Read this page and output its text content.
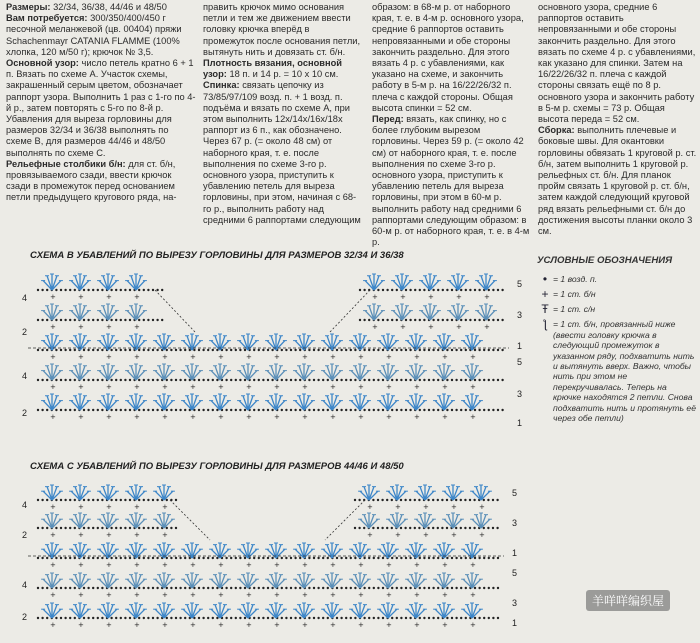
Размеры: 32/34, 36/38, 44/46 и 48/50

Вам потребуется: 300/350/400/450 г песочной меланжевой (цв. 00404) пряжи Schachenmayr CATANIA FLAMME (100% хлопка, 120 м/50 г); крючок № 3,5.

Основной узор: число петель кратно 6 + 1 п. Вязать по схеме А. Участок схемы, закрашенный серым цветом, обозначает раппорт узора. Выполнить 1 раз с 1-го по 4-й р., затем повторять с 5-го по 8-й р. Убавления для выреза горловины для размеров 32/34 и 36/38 выполнять по схеме В, для размеров 44/46 и 48/50 выполнять по схеме С.

Рельефные столбики б/н: для ст. б/н, провязываемого сзади, ввести крючок сзади в промежуток перед основанием петли предыдущего кругового ряда, на-

править крючок мимо основания петли и тем же движением ввести головку крючка вперёд в промежуток после основания петли, вытянуть нить и довязать ст. б/н.

Плотность вязания, основной узор: 18 п. и 14 р. = 10 х 10 см.

Спинка: связать цепочку из 73/85/97/109 возд. п. + 1 возд. п. подъёма и вязать по схеме А, при этом выполнить 12х/14х/16х/18х раппорт из 6 п., как обозначено. Через 67 р. (= около 48 см) от наборного края, т. е. после выполнения по схеме 3-го р. основного узора, приступить к убавлению петель для выреза горловины, при этом, начиная с 68-го р., выполнить работу над средними 6 раппортами следующим

образом: в 68-м р. от наборного края, т. е. в 4-м р. основного узора, средние 6 раппортов оставить непровязанными и обе стороны закончить раздельно. Для этого вязать 4 р. с убавлениями, как указано на схеме, и закончить работу в 5-м р. на 16/22/26/32 п. плеча с каждой стороны. Общая высота спинки = 52 см.

Перед: вязать, как спинку, но с более глубоким вырезом горловины. Через 59 р. (= около 42 см) от наборного края, т. е. после выполнения по схеме 3-го р. основного узора, приступить к убавлению петель для выреза горловины, при этом в 60-м р. выполнить работу над средними 6 раппортами следующим образом: в 60-м р. от наборного края, т. е. в 4-м р.

основного узора, средние 6 раппортов оставить непровязанными и обе стороны закончить раздельно. Для этого вязать по схеме 4 р. с убавлениями, как указано для спинки. Затем на 16/22/26/32 п. плеча с каждой стороны связать ещё по 8 р. основного узора и закончить работу в 5-м р. схемы = 73 р. Общая высота переда = 52 см.

Сборка: выполнить плечевые и боковые швы. Для окантовки горловины обвязать 1 круговой р. ст. б/н, затем выполнить 1 круговой р. рельефных ст. б/н. Для планок пройм связать 1 круговой р. ст. б/н, затем каждой следующий круговой ряд вязать рельефными ст. б/н до достижения высоты планки около 3 см.

СХЕМА В УБАВЛЕНИЙ ПО ВЫРЕЗУ ГОРЛОВИНЫ ДЛЯ РАЗМЕРОВ 32/34 И 36/38
СХЕМА С УБАВЛЕНИЙ ПО ВЫРЕЗУ ГОРЛОВИНЫ ДЛЯ РАЗМЕРОВ 44/46 И 48/50
4
2
4
2
5
3
1
5
3
1
+	+	+	+	+	+	+	+	+
+	+	+	+	+	+	+	+	+
+	+	+	+	+	+	+	+	+	+	+	+	+	+	+	+
+	+	+	+	+	+	+	+	+	+	+	+	+	+	+	+
+	+	+	+	+	+	+	+	+	+	+	+	+	+	+	+
4
2
4
2
5
3
1
5
3
1
+	+	+	+	+	+	+	+	+	+
+	+	+	+	+	+	+	+	+	+
+	+	+	+	+	+	+	+	+	+	+	+	+	+	+	+
+	+	+	+	+	+	+	+	+	+	+	+	+	+	+	+
+	+	+	+	+	+	+	+	+	+	+	+	+	+	+	+
УСЛОВНЫЕ ОБОЗНАЧЕНИЯ
• = 1 возд. п.
+ = 1 ст. б/н
Ŧ = 1 ст. с/н
ƪ = 1 ст. б/н, провязанный ниже (ввести головку крючка в следующий промежуток в указанном ряду, подхватить нить и вытянуть вверх. Важно, чтобы нить при этом не перекручивалась. Теперь на крючке находятся 2 петли. Снова подхватить нить и протянуть её через обе петли)
羊咩咩编织屋
